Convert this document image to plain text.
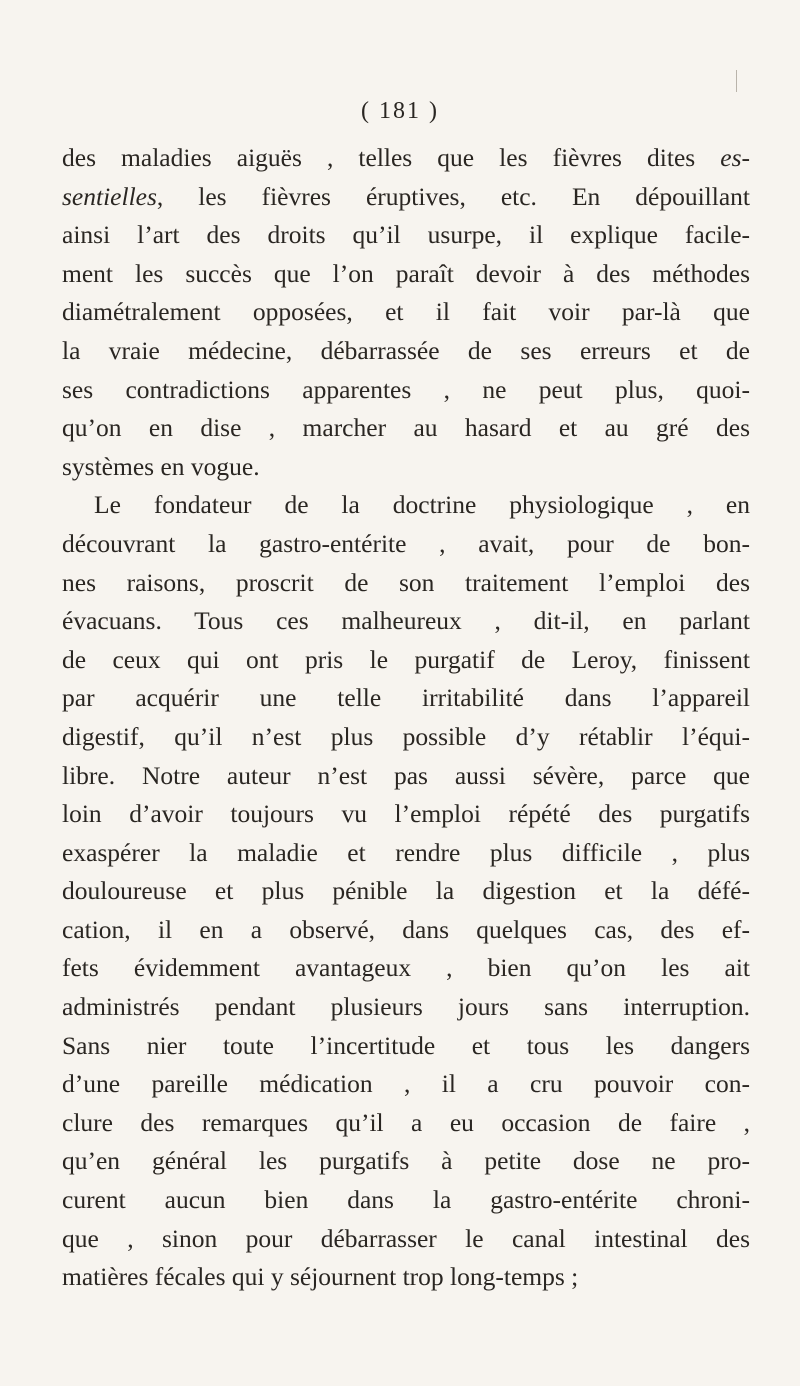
( 181 )
des maladies aiguës , telles que les fièvres dites es-
sentielles, les fièvres éruptives, etc. En dépouillant
ainsi l’art des droits qu’il usurpe, il explique facile-
ment les succès que l’on paraît devoir à des méthodes
diamétralement opposées, et il fait voir par-là que
la vraie médecine, débarrassée de ses erreurs et de
ses contradictions apparentes , ne peut plus, quoi-
qu’on en dise , marcher au hasard et au gré des
systèmes en vogue.
Le fondateur de la doctrine physiologique , en
découvrant la gastro-entérite , avait, pour de bon-
nes raisons, proscrit de son traitement l’emploi des
évacuans. Tous ces malheureux , dit-il, en parlant
de ceux qui ont pris le purgatif de Leroy, finissent
par acquérir une telle irritabilité dans l’appareil
digestif, qu’il n’est plus possible d’y rétablir l’équi-
libre. Notre auteur n’est pas aussi sévère, parce que
loin d’avoir toujours vu l’emploi répété des purgatifs
exaspérer la maladie et rendre plus difficile , plus
douloureuse et plus pénible la digestion et la défé-
cation, il en a observé, dans quelques cas, des ef-
fets évidemment avantageux , bien qu’on les ait
administrés pendant plusieurs jours sans interruption.
Sans nier toute l’incertitude et tous les dangers
d’une pareille médication , il a cru pouvoir con-
clure des remarques qu’il a eu occasion de faire ,
qu’en général les purgatifs à petite dose ne pro-
curent aucun bien dans la gastro-entérite chroni-
que , sinon pour débarrasser le canal intestinal des
matières fécales qui y séjournent trop long-temps ;
